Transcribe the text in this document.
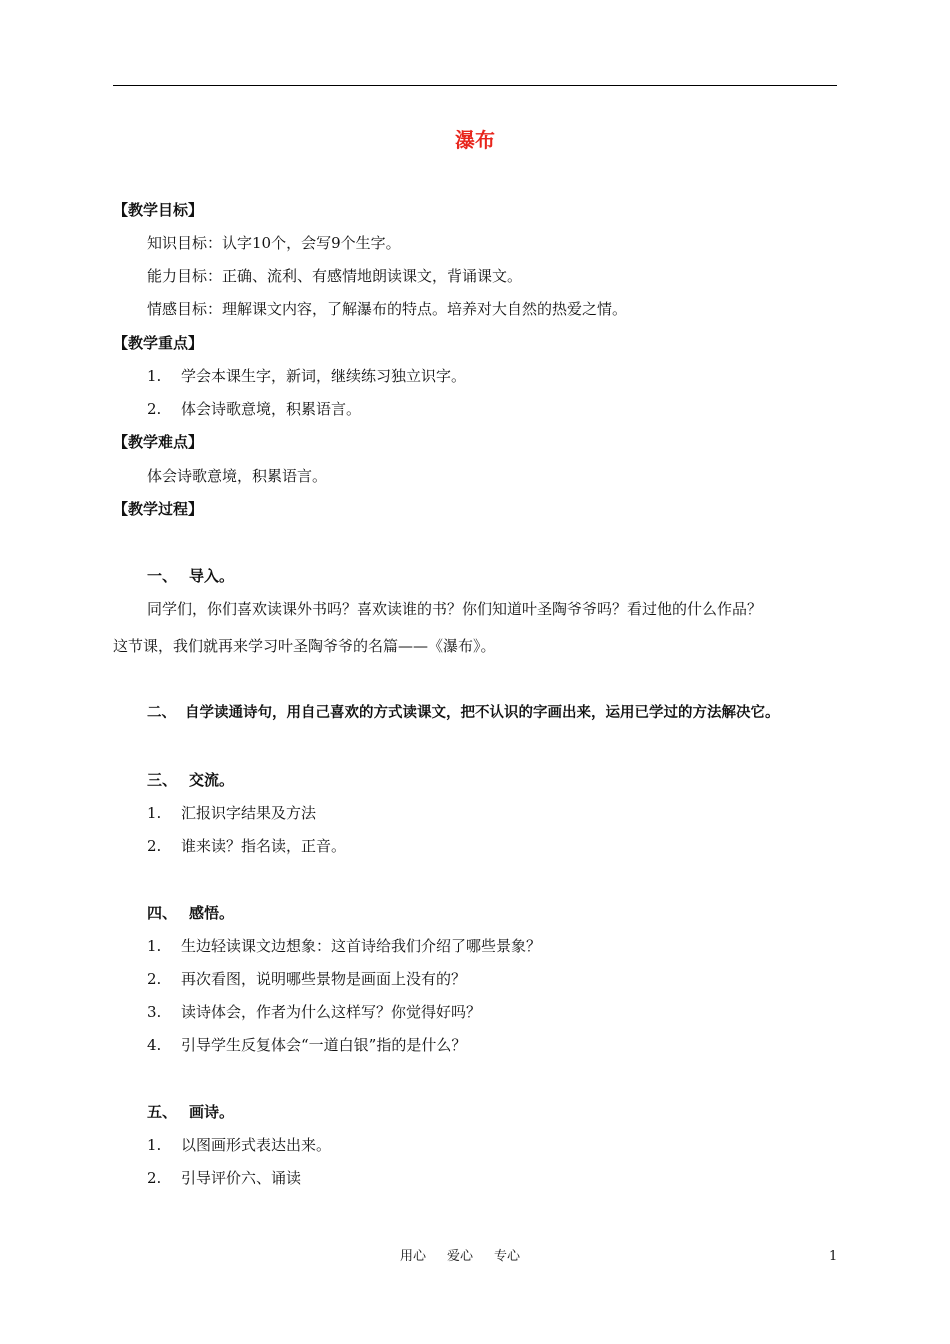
瀑布
【教学目标】
知识目标：认字10个，会写9个生字。
能力目标：正确、流利、有感情地朗读课文，背诵课文。
情感目标：理解课文内容，了解瀑布的特点。培养对大自然的热爱之情。
【教学重点】
1. 学会本课生字，新词，继续练习独立识字。
2. 体会诗歌意境，积累语言。
【教学难点】
体会诗歌意境，积累语言。
【教学过程】
一、 导入。
同学们，你们喜欢读课外书吗？喜欢读谁的书？你们知道叶圣陶爷爷吗？看过他的什么作品？
这节课，我们就再来学习叶圣陶爷爷的名篇——《瀑布》。
二、 自学读通诗句，用自己喜欢的方式读课文，把不认识的字画出来，运用已学过的方法解决它。
三、 交流。
1. 汇报识字结果及方法
2. 谁来读？指名读，正音。
四、 感悟。
1. 生边轻读课文边想象：这首诗给我们介绍了哪些景象？
2. 再次看图，说明哪些景物是画面上没有的？
3. 读诗体会，作者为什么这样写？你觉得好吗？
4. 引导学生反复体会“一道白银”指的是什么？
五、 画诗。
1. 以图画形式表达出来。
2. 引导评价六、诵读
用心 爱心 专心	1
